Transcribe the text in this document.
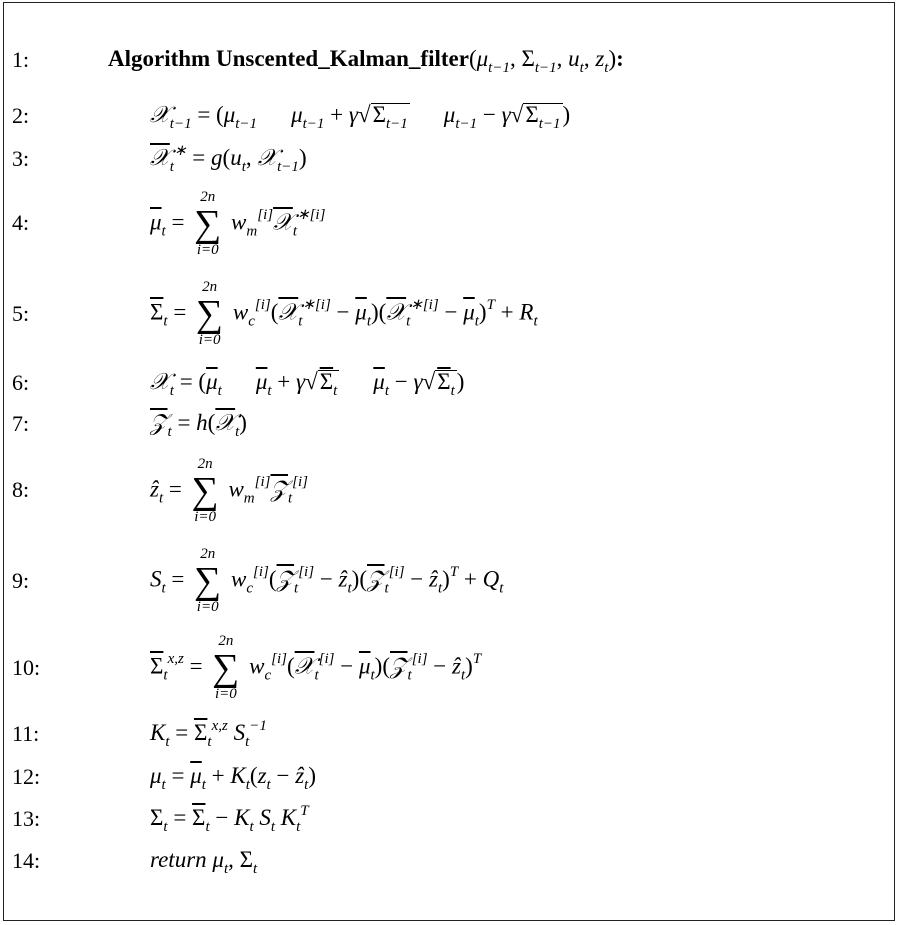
1:
2:
3:
4:
5:
6:
7:
8:
9:
10:
11:
12:
13:
14:
Algorithm $Unscented\_Kalman\_filter(\mu_{t-1}$, $\Sigma_{t-1}$, $u_t$, $z_t$):
𝒳$_{t-1}$ = ($\mu_{t-1}$ $\mu_{t-1} + \gamma√\Sigma_{t-1}$ $\mu_{t-1} - \gamma√\Sigma_{t-1}$)
𝒳$_t$∗ = $g(u_t$, 𝒳$_{t-1}$)
$\overline{\mu}_t$ =
2n
∑
i=0
$w_m[i]𝒳_t^{∗[i]}$
$\overline{\Sigma}_t$ =
2n
∑
i=0
$w_c[i](𝒳_t^{∗[i]}$ − $\overline{\mu}_t)(𝒳_t^{∗[i]} - \overline{\mu}_t)^T + R_t$
𝒳$_t$ = ($\overline{\mu}_t$ $\overline{\mu}_t + \gamma√\Sigma_t$ $\overline{\mu}_t - \gamma√\Sigma_t$)
𝒵$_t$ = h(𝒳$_t$)
ẑ$_t$ =
2n
∑
i=0
$w_m[i]𝒵_t[i]$
$S_t$ =
2n
∑
i=0
$w_c[i](𝒵_t[i]$ − ẑ$_t$)(𝒵$_t$[i] − ẑ$_t$)$^T$ + $Q_t$
$\overline{\Sigma}_t^{x,z}$ =
2n
∑
i=0
$w_c[i](𝒳_t[i]$ − $\overline{\mu}_t)(𝒵_t[i]$ − ẑ$_t$)$^T$
$K_t = \overline{\Sigma}_t^{x,z}$ $S_t^{-1}$
$\mu_t = \overline{\mu}_t + K_t(z_t$ − ẑ$_t$)
$\Sigma_t = \overline{\Sigma}_t - K_t$ $S_t$ $K_t^T$
return $\mu_t$, $\Sigma_t$
